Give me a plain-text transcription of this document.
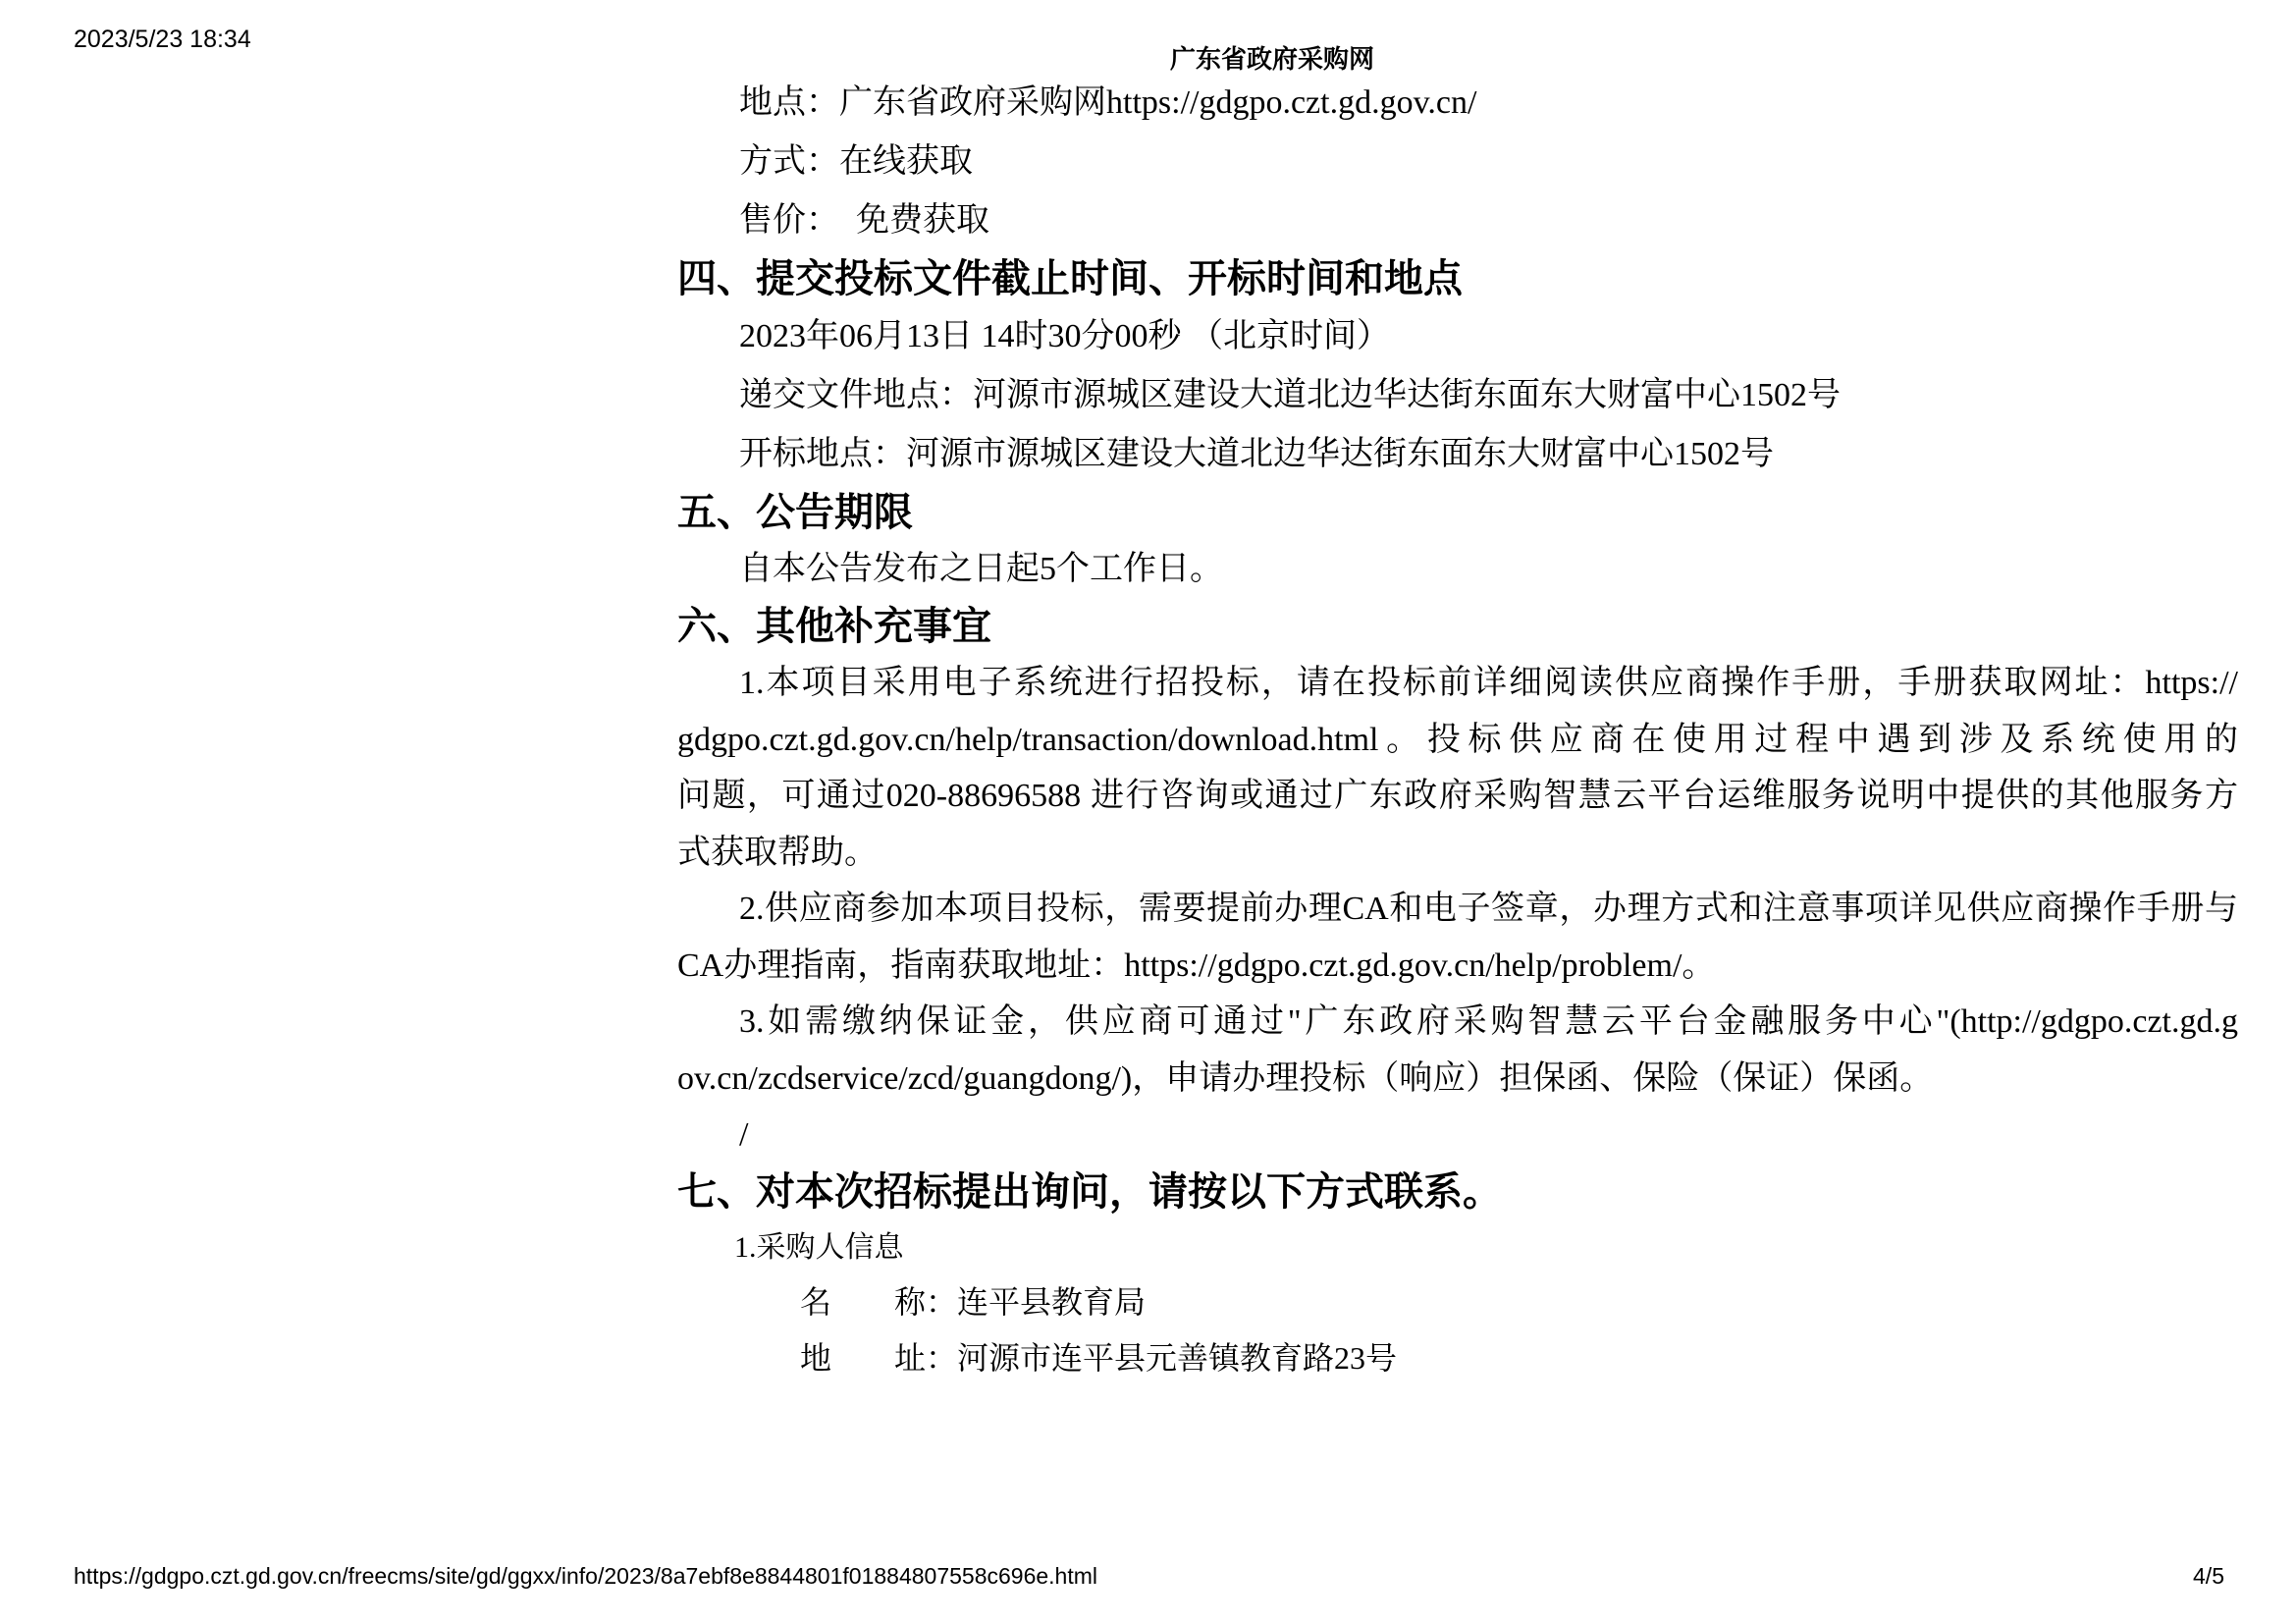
2023/5/23 18:34
广东省政府采购网
地点：广东省政府采购网https://gdgpo.czt.gd.gov.cn/
方式：在线获取
售价：　免费获取
四、提交投标文件截止时间、开标时间和地点
2023年06月13日 14时30分00秒 （北京时间）
递交文件地点：河源市源城区建设大道北边华达街东面东大财富中心1502号
开标地点：河源市源城区建设大道北边华达街东面东大财富中心1502号
五、公告期限
自本公告发布之日起5个工作日。
六、其他补充事宜
1.本项目采用电子系统进行招投标，请在投标前详细阅读供应商操作手册，手册获取网址：https://
gdgpo.czt.gd.gov.cn/help/transaction/download.html。投标供应商在使用过程中遇到涉及系统使用的
问题，可通过020-88696588 进行咨询或通过广东政府采购智慧云平台运维服务说明中提供的其他服务方
式获取帮助。
2.供应商参加本项目投标，需要提前办理CA和电子签章，办理方式和注意事项详见供应商操作手册与
CA办理指南，指南获取地址：https://gdgpo.czt.gd.gov.cn/help/problem/。
3.如需缴纳保证金，供应商可通过"广东政府采购智慧云平台金融服务中心"(http://gdgpo.czt.gd.g
ov.cn/zcdservice/zcd/guangdong/)，申请办理投标（响应）担保函、保险（保证）保函。
/
七、对本次招标提出询问，请按以下方式联系。
1.采购人信息
名　　称：连平县教育局
地　　址：河源市连平县元善镇教育路23号
https://gdgpo.czt.gd.gov.cn/freecms/site/gd/ggxx/info/2023/8a7ebf8e8844801f01884807558c696e.html	4/5
